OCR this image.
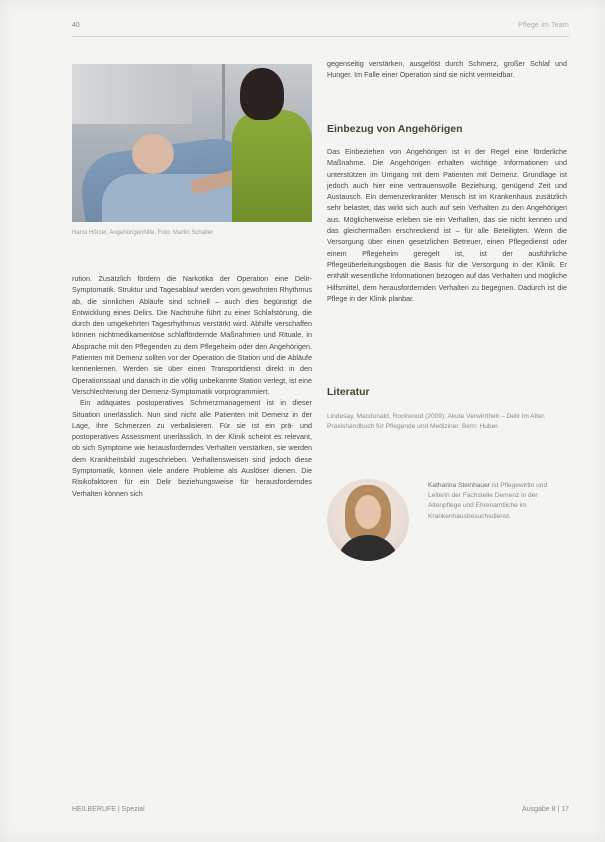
40	Pflege im Team
Hansi Hörzel, Angehörigenhilfe, Foto: Martin Schaller

rution. Zusätzlich fördern die Narkotika der Operation eine Delir-Symptomatik. Struktur und Tagesablauf werden vom gewohnten Rhythmus ab, die sinnlichen Abläufe sind schnell – auch dies begünstigt die Entwicklung eines Delirs. Die Nachtruhe führt zu einer Schlafstörung, die durch den umgekehrten Tagesrhythmus verstärkt wird. Abhilfe verschaffen können nichtmedikamentöse schlaffördernde Maßnahmen und Rituale, in Absprache mit den Pflegenden zu dem Pflegeheim oder den Angehörigen. Patienten mit Demenz sollten vor der Operation die Station und die Abläufe kennenlernen. Werden sie über einen Transportdienst direkt in den Operationssaal und danach in die völlig unbekannte Station verlegt, ist eine Verschlechterung der Demenz-Symptomatik vorprogrammiert.

Ein adäquates postoperatives Schmerzmanagement ist in dieser Situation unerlässlich. Nun sind nicht alle Patienten mit Demenz in der Lage, ihre Schmerzen zu verbalisieren. Für sie ist ein prä- und postoperatives Assessment unerlässlich. In der Klinik scheint es relevant, ob sich Symptome wie herausforderndes Verhalten verstärken, sie werden dem Krankheitsbild zugeschrieben. Verhaltensweisen sind jedoch diese Symptomatik, können viele andere Probleme als Auslöser dienen. Die Risikofaktoren für ein Delir beziehungsweise für herausforderndes Verhalten können sich

gegenseitig verstärken, ausgelöst durch Schmerz, großer Schlaf und Hunger. Im Falle einer Operation sind sie nicht vermeidbar.

Einbezug von Angehörigen

Das Einbeziehen von Angehörigen ist in der Regel eine förderliche Maßnahme. Die Angehörigen erhalten wichtige Informationen und unterstützen im Umgang mit dem Patienten mit Demenz. Grundlage ist jedoch auch hier eine vertrauensvolle Beziehung, genügend Zeit und Austausch. Ein demenzerkrankter Mensch ist im Krankenhaus zusätzlich sehr belastet, das wirkt sich auch auf sein Verhalten zu den Angehörigen aus. Möglicherweise erleben sie ein Verhalten, das sie nicht kennen und das gleichermaßen erschreckend ist – für alle Beteiligten. Wenn die Versorgung über einen gesetzlichen Betreuer, einen Pflegedienst oder einem Pflegeheim geregelt ist, ist der ausführliche Pflegeüberleitungsbogen die Basis für die Versorgung in der Klinik. Er enthält wesentliche Informationen bezogen auf das Verhalten und mögliche Hilfsmittel, dem herausfordernden Verhalten zu begegnen. Dadurch ist die Pflege in der Klinik planbar.

Literatur
Lindesay, Macdonald, Rockwood (2009): Akute Verwirrtheit – Delir im Alter. Praxishandbuch für Pflegende und Mediziner. Bern: Huber.
Katharina Steinhauer ist Pflegewirtin und Leiterin der Fachstelle Demenz in der Altenpflege und Ehrenamtliche im Krankenhausbesuchsdienst.
HEILBERUFE | Spezial	Ausgabe 8 | 17
